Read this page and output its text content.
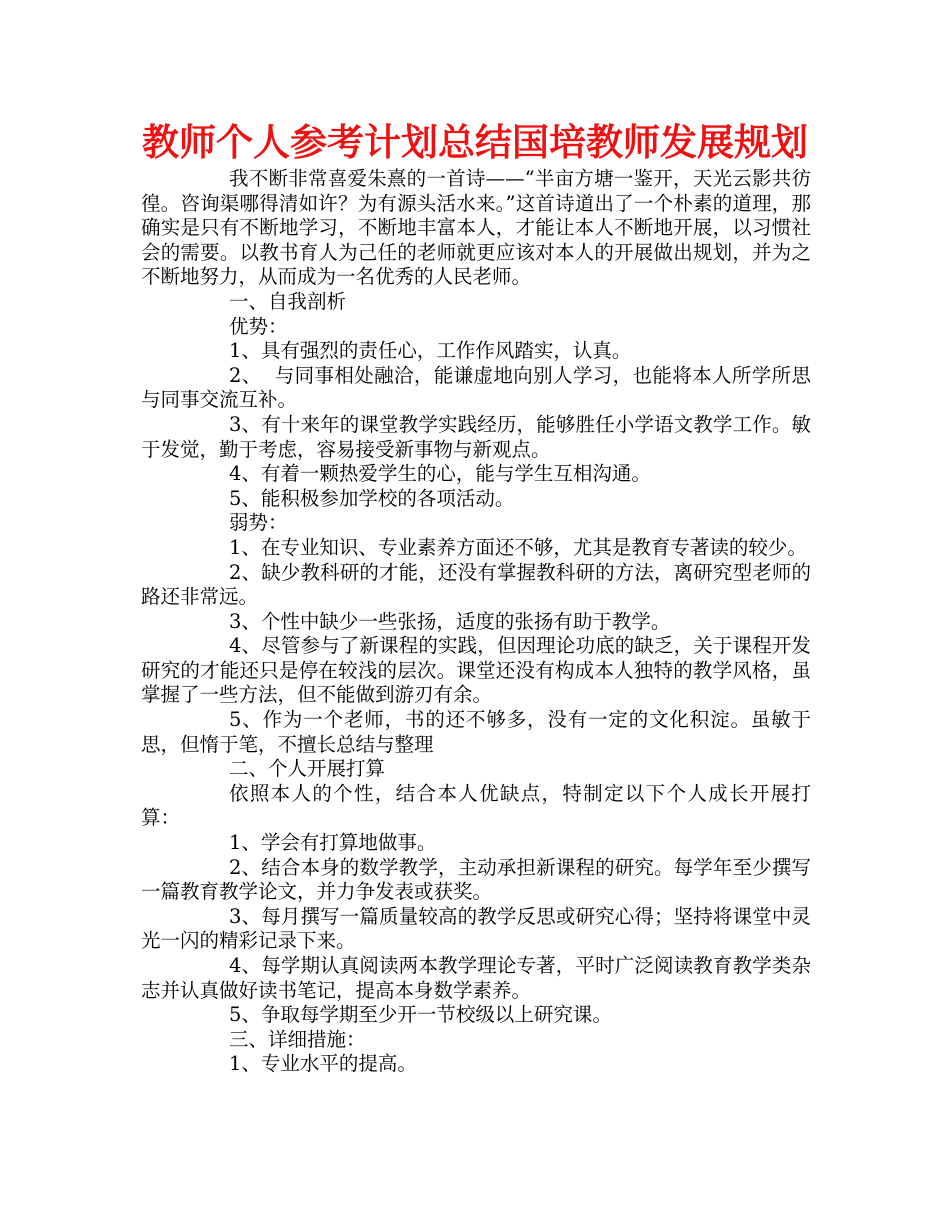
教师个人参考计划总结国培教师发展规划

我不断非常喜爱朱熹的一首诗——“半亩方塘一鉴开，天光云影共彷徨。咨询渠哪得清如许？为有源头活水来。”这首诗道出了一个朴素的道理，那确实是只有不断地学习，不断地丰富本人，才能让本人不断地开展，以习惯社会的需要。以教书育人为己任的老师就更应该对本人的开展做出规划，并为之不断地努力，从而成为一名优秀的人民老师。

一、自我剖析

优势：

1、具有强烈的责任心，工作作风踏实，认真。

2、  与同事相处融洽，能谦虚地向别人学习，也能将本人所学所思与同事交流互补。

3、有十来年的课堂教学实践经历，能够胜任小学语文教学工作。敏于发觉，勤于考虑，容易接受新事物与新观点。

4、有着一颗热爱学生的心，能与学生互相沟通。

5、能积极参加学校的各项活动。

弱势：

1、在专业知识、专业素养方面还不够，尤其是教育专著读的较少。

2、缺少教科研的才能，还没有掌握教科研的方法，离研究型老师的路还非常远。

3、个性中缺少一些张扬，适度的张扬有助于教学。

4、尽管参与了新课程的实践，但因理论功底的缺乏，关于课程开发研究的才能还只是停在较浅的层次。课堂还没有构成本人独特的教学风格，虽掌握了一些方法，但不能做到游刃有余。

5、作为一个老师，书的还不够多，没有一定的文化积淀。虽敏于思，但惰于笔，不擅长总结与整理

二、个人开展打算

依照本人的个性，结合本人优缺点，特制定以下个人成长开展打算：

1、学会有打算地做事。

2、结合本身的数学教学，主动承担新课程的研究。每学年至少撰写一篇教育教学论文，并力争发表或获奖。

3、每月撰写一篇质量较高的教学反思或研究心得；坚持将课堂中灵光一闪的精彩记录下来。

4、每学期认真阅读两本教学理论专著，平时广泛阅读教育教学类杂志并认真做好读书笔记，提高本身数学素养。

5、争取每学期至少开一节校级以上研究课。

三、详细措施：

1、专业水平的提高。
